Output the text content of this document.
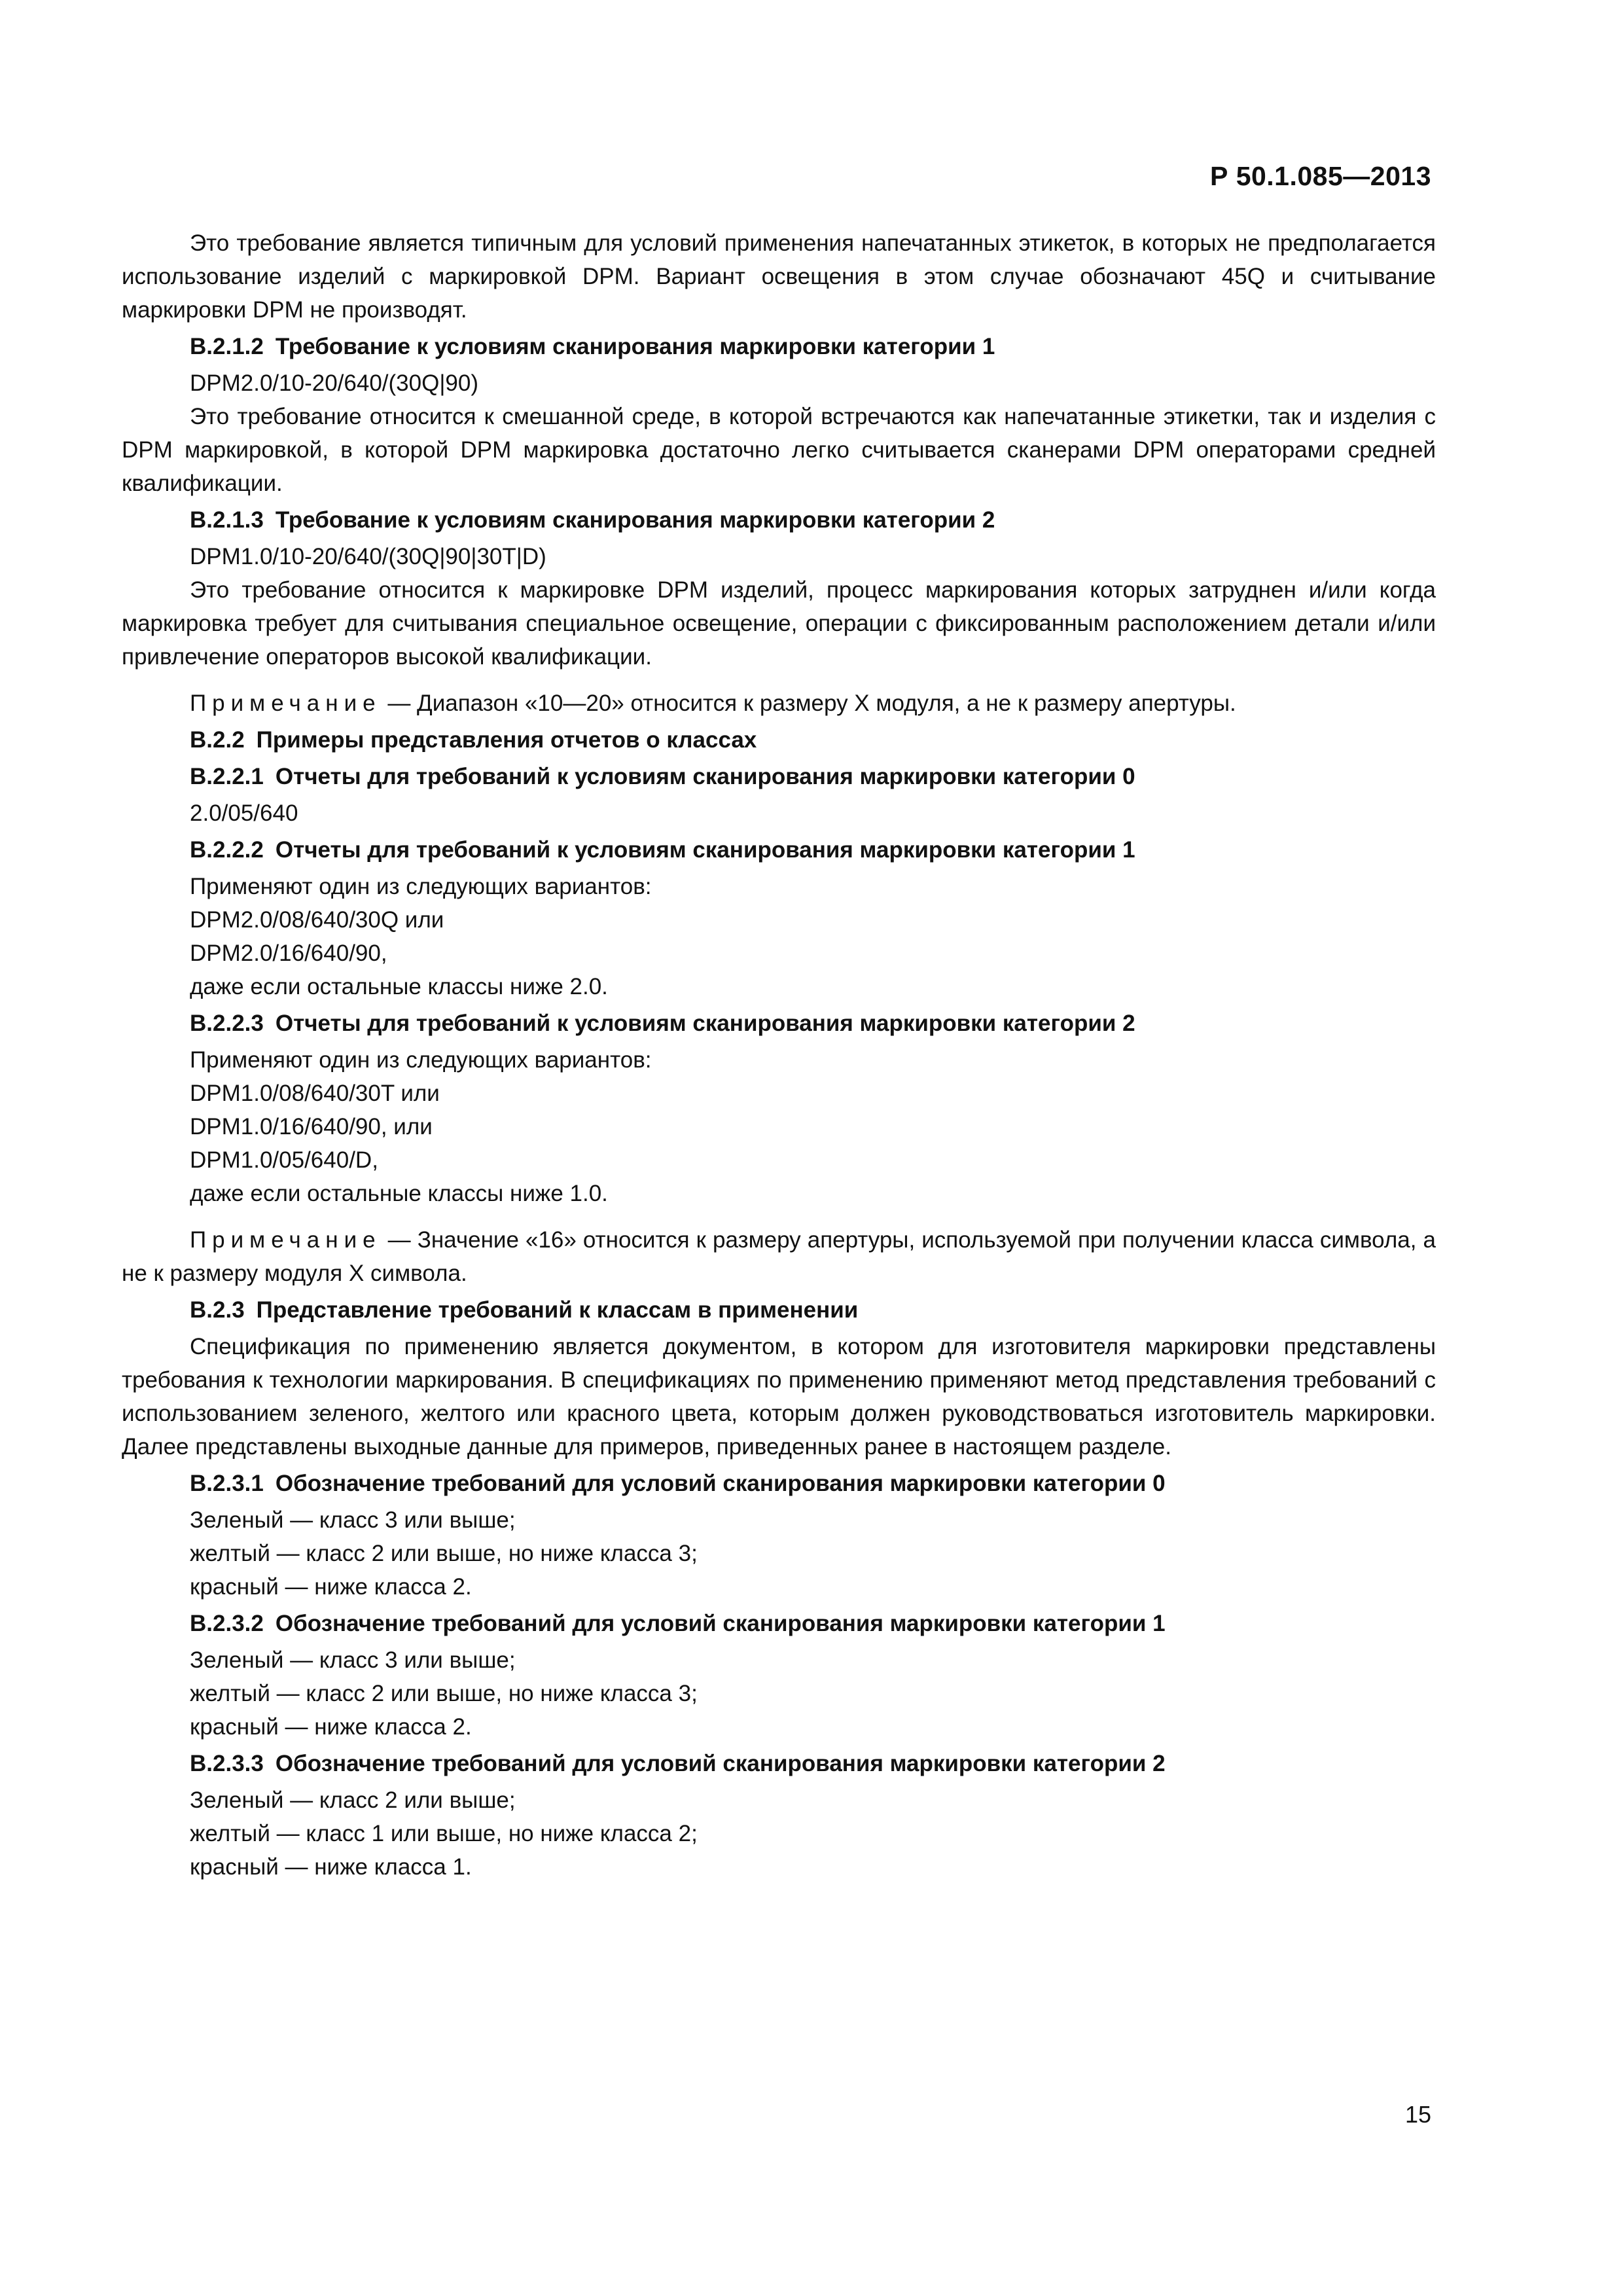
Р 50.1.085—2013

Это требование является типичным для условий применения напечатанных этикеток, в которых не предполагается использование изделий с маркировкой DPM. Вариант освещения в этом случае обозначают 45Q и считывание маркировки DPM не производят.

В.2.1.2 Требование к условиям сканирования маркировки категории 1

DPM2.0/10-20/640/(30Q|90)

Это требование относится к смешанной среде, в которой встречаются как напечатанные этикетки, так и изделия с DPM маркировкой, в которой DPM маркировка достаточно легко считывается сканерами DPM операторами средней квалификации.

В.2.1.3 Требование к условиям сканирования маркировки категории 2

DPM1.0/10-20/640/(30Q|90|30T|D)

Это требование относится к маркировке DPM изделий, процесс маркирования которых затруднен и/или когда маркировка требует для считывания специальное освещение, операции с фиксированным расположением детали и/или привлечение операторов высокой квалификации.

Примечание — Диапазон «10—20» относится к размеру X модуля, а не к размеру апертуры.

В.2.2 Примеры представления отчетов о классах

В.2.2.1 Отчеты для требований к условиям сканирования маркировки категории 0

2.0/05/640

В.2.2.2 Отчеты для требований к условиям сканирования маркировки категории 1

Применяют один из следующих вариантов:

DPM2.0/08/640/30Q или

DPM2.0/16/640/90,

даже если остальные классы ниже 2.0.

В.2.2.3 Отчеты для требований к условиям сканирования маркировки категории 2

Применяют один из следующих вариантов:

DPM1.0/08/640/30T или

DPM1.0/16/640/90, или

DPM1.0/05/640/D,

даже если остальные классы ниже 1.0.

Примечание — Значение «16» относится к размеру апертуры, используемой при получении класса символа, а не к размеру модуля X символа.

В.2.3 Представление требований к классам в применении

Спецификация по применению является документом, в котором для изготовителя маркировки представлены требования к технологии маркирования. В спецификациях по применению применяют метод представления требований с использованием зеленого, желтого или красного цвета, которым должен руководствоваться изготовитель маркировки. Далее представлены выходные данные для примеров, приведенных ранее в настоящем разделе.

В.2.3.1 Обозначение требований для условий сканирования маркировки категории 0

Зеленый — класс 3 или выше;

желтый — класс 2 или выше, но ниже класса 3;

красный — ниже класса 2.

В.2.3.2 Обозначение требований для условий сканирования маркировки категории 1

Зеленый — класс 3 или выше;

желтый — класс 2 или выше, но ниже класса 3;

красный — ниже класса 2.

В.2.3.3 Обозначение требований для условий сканирования маркировки категории 2

Зеленый — класс 2 или выше;

желтый — класс 1 или выше, но ниже класса 2;

красный — ниже класса 1.

15
